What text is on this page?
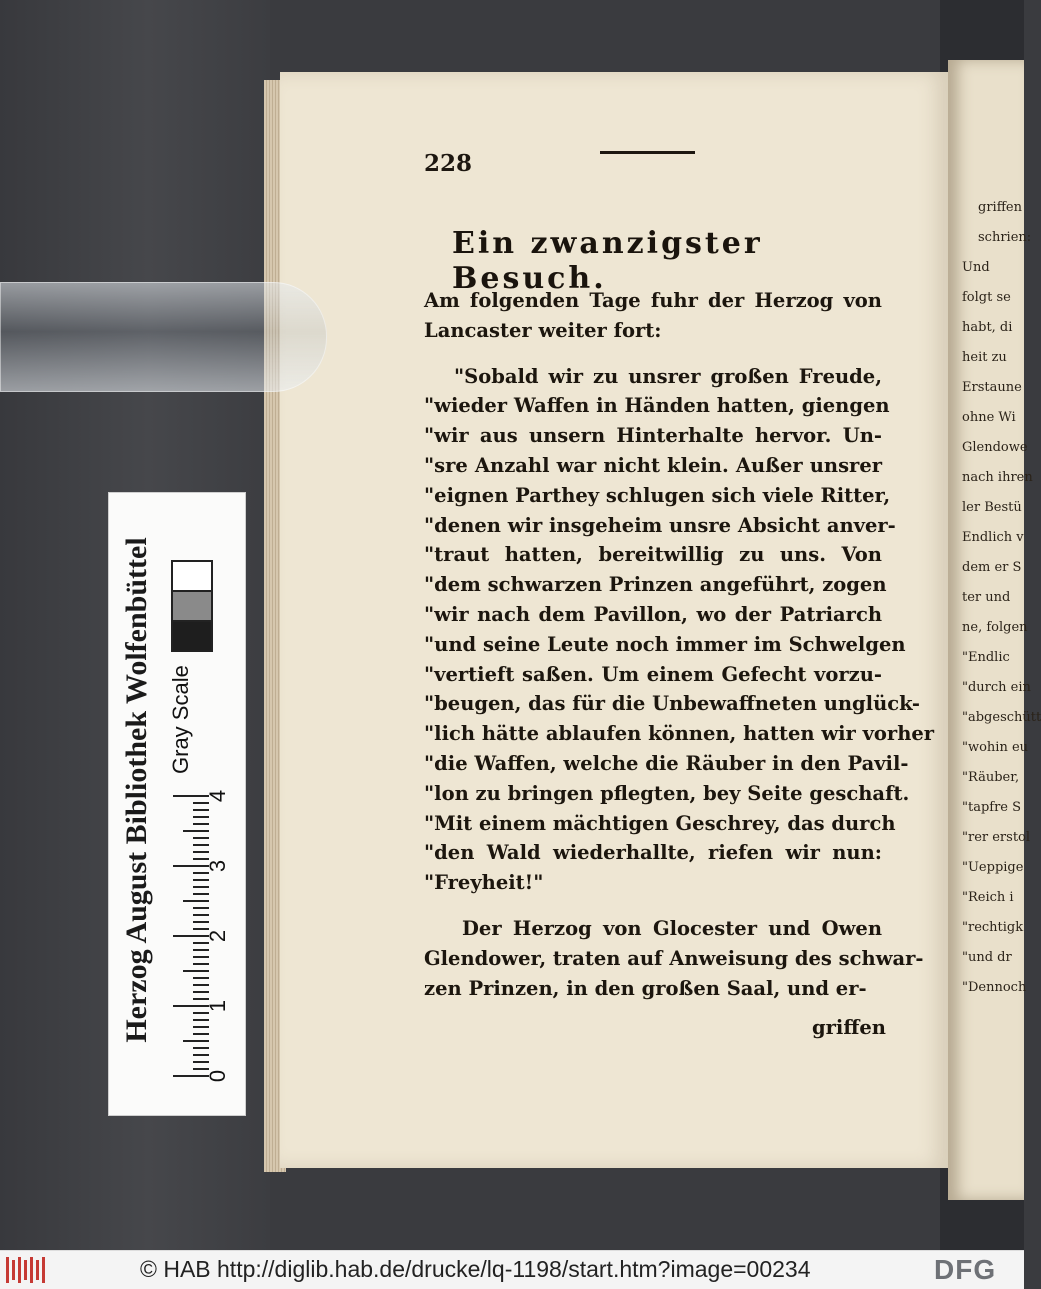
griffen
schrien:
Und
folgt se
habt, di
heit zu
Erstaune
ohne Wi
Glendowe
nach ihren
ler Bestü
Endlich v
dem er S
ter und
ne, folgen
"Endlic
"durch ein
"abgeschütt
"wohin eu
"Räuber,
"tapfre S
"rer erstol
"Ueppige
"Reich i
"rechtigk
"und dr
"Dennoch
228
Ein zwanzigster Besuch.
Am folgenden Tage fuhr der Herzog von
Lancaster weiter fort:
"Sobald wir zu unsrer großen Freude,
"wieder Waffen in Händen hatten, giengen
"wir aus unsern Hinterhalte hervor. Un-
"sre Anzahl war nicht klein. Außer unsrer
"eignen Parthey schlugen sich viele Ritter,
"denen wir insgeheim unsre Absicht anver-
"traut hatten, bereitwillig zu uns. Von
"dem schwarzen Prinzen angeführt, zogen
"wir nach dem Pavillon, wo der Patriarch
"und seine Leute noch immer im Schwelgen
"vertieft saßen. Um einem Gefecht vorzu-
"beugen, das für die Unbewaffneten unglück-
"lich hätte ablaufen können, hatten wir vorher
"die Waffen, welche die Räuber in den Pavil-
"lon zu bringen pflegten, bey Seite geschaft.
"Mit einem mächtigen Geschrey, das durch
"den Wald wiederhallte, riefen wir nun:
"Freyheit!"
Der Herzog von Glocester und Owen
Glendower, traten auf Anweisung des schwar-
zen Prinzen, in den großen Saal, und er-
griffen
Herzog August Bibliothek Wolfenbüttel
0
1
2
3
4
Gray Scale
© HAB http://diglib.hab.de/drucke/lq-1198/start.htm?image=00234	DFG
